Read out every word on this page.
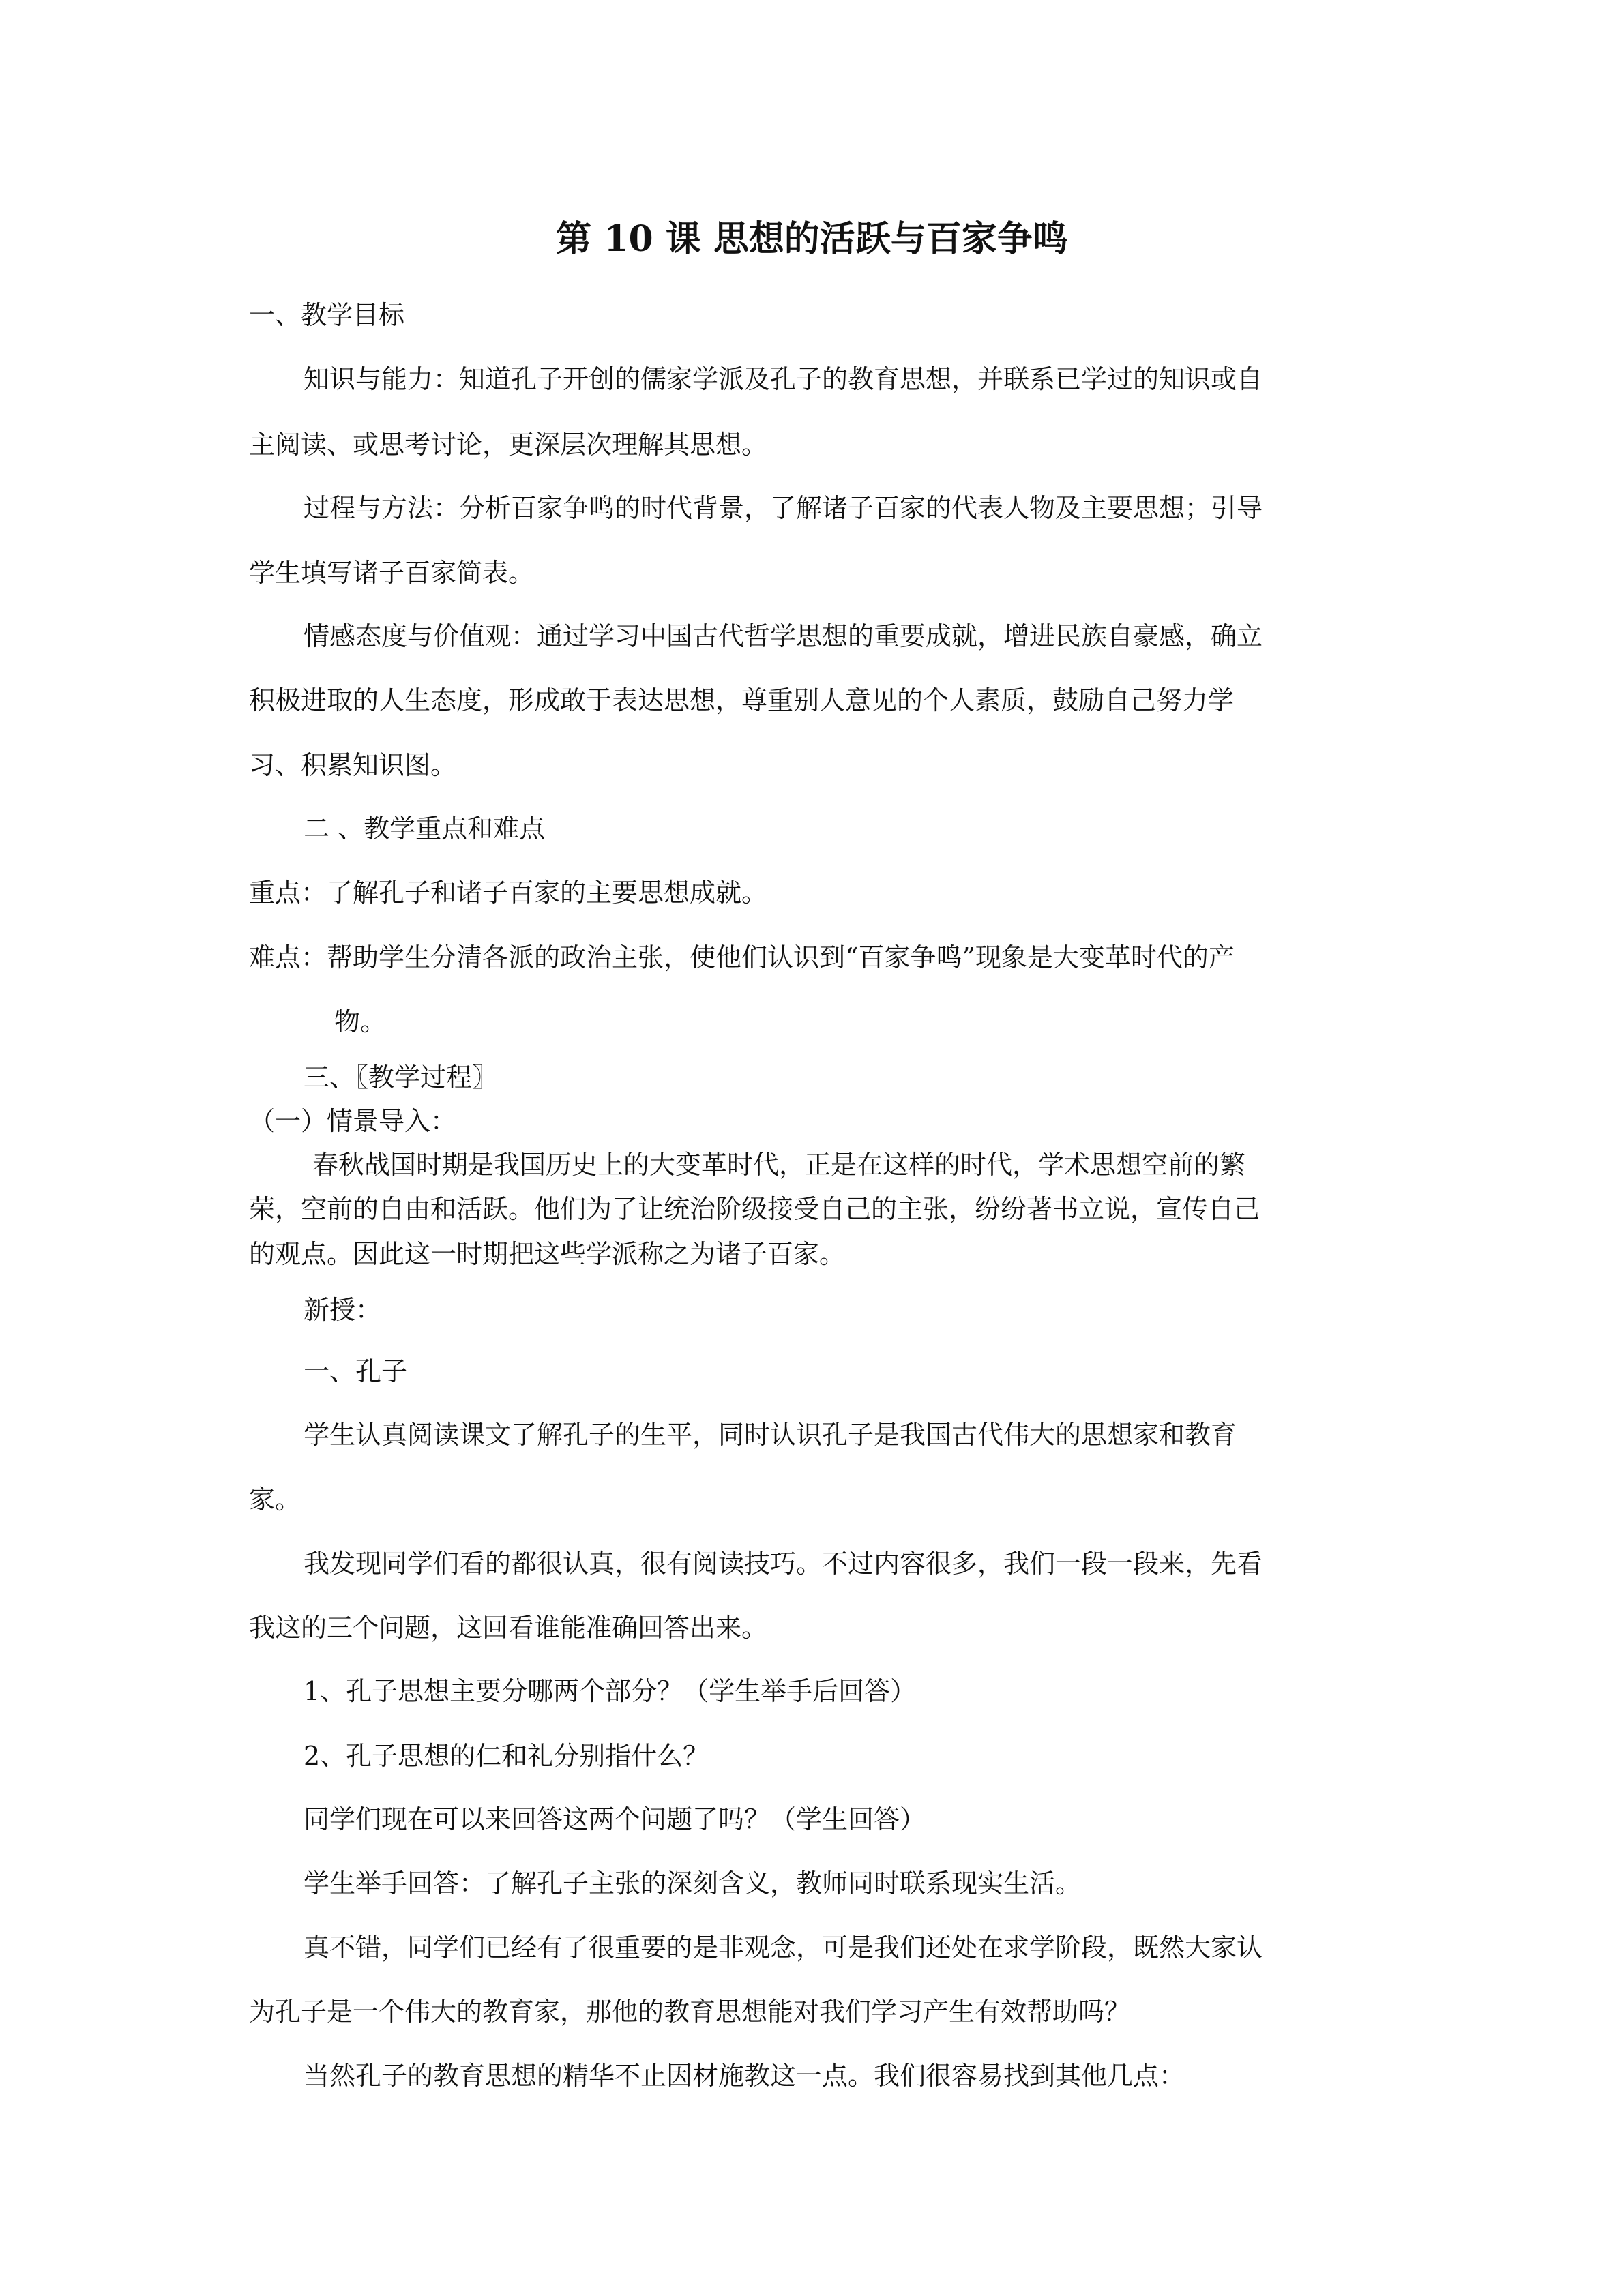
第 10 课 思想的活跃与百家争鸣

一、教学目标

知识与能力：知道孔子开创的儒家学派及孔子的教育思想，并联系已学过的知识或自

主阅读、或思考讨论，更深层次理解其思想。

过程与方法：分析百家争鸣的时代背景，了解诸子百家的代表人物及主要思想；引导

学生填写诸子百家简表。

情感态度与价值观：通过学习中国古代哲学思想的重要成就，增进民族自豪感，确立

积极进取的人生态度，形成敢于表达思想，尊重别人意见的个人素质，鼓励自己努力学

习、积累知识图。

二 、教学重点和难点

重点：了解孔子和诸子百家的主要思想成就。

难点：帮助学生分清各派的政治主张，使他们认识到“百家争鸣”现象是大变革时代的产

物。

三、〖教学过程〗

（一）情景导入：

春秋战国时期是我国历史上的大变革时代，正是在这样的时代，学术思想空前的繁

荣，空前的自由和活跃。他们为了让统治阶级接受自己的主张，纷纷著书立说，宣传自己

的观点。因此这一时期把这些学派称之为诸子百家。

新授：

一、孔子

学生认真阅读课文了解孔子的生平，同时认识孔子是我国古代伟大的思想家和教育

家。

我发现同学们看的都很认真，很有阅读技巧。不过内容很多，我们一段一段来，先看

我这的三个问题，这回看谁能准确回答出来。

1、孔子思想主要分哪两个部分？（学生举手后回答）

2、孔子思想的仁和礼分别指什么？

同学们现在可以来回答这两个问题了吗？（学生回答）

学生举手回答：了解孔子主张的深刻含义，教师同时联系现实生活。

真不错，同学们已经有了很重要的是非观念，可是我们还处在求学阶段，既然大家认

为孔子是一个伟大的教育家，那他的教育思想能对我们学习产生有效帮助吗？

当然孔子的教育思想的精华不止因材施教这一点。我们很容易找到其他几点：
